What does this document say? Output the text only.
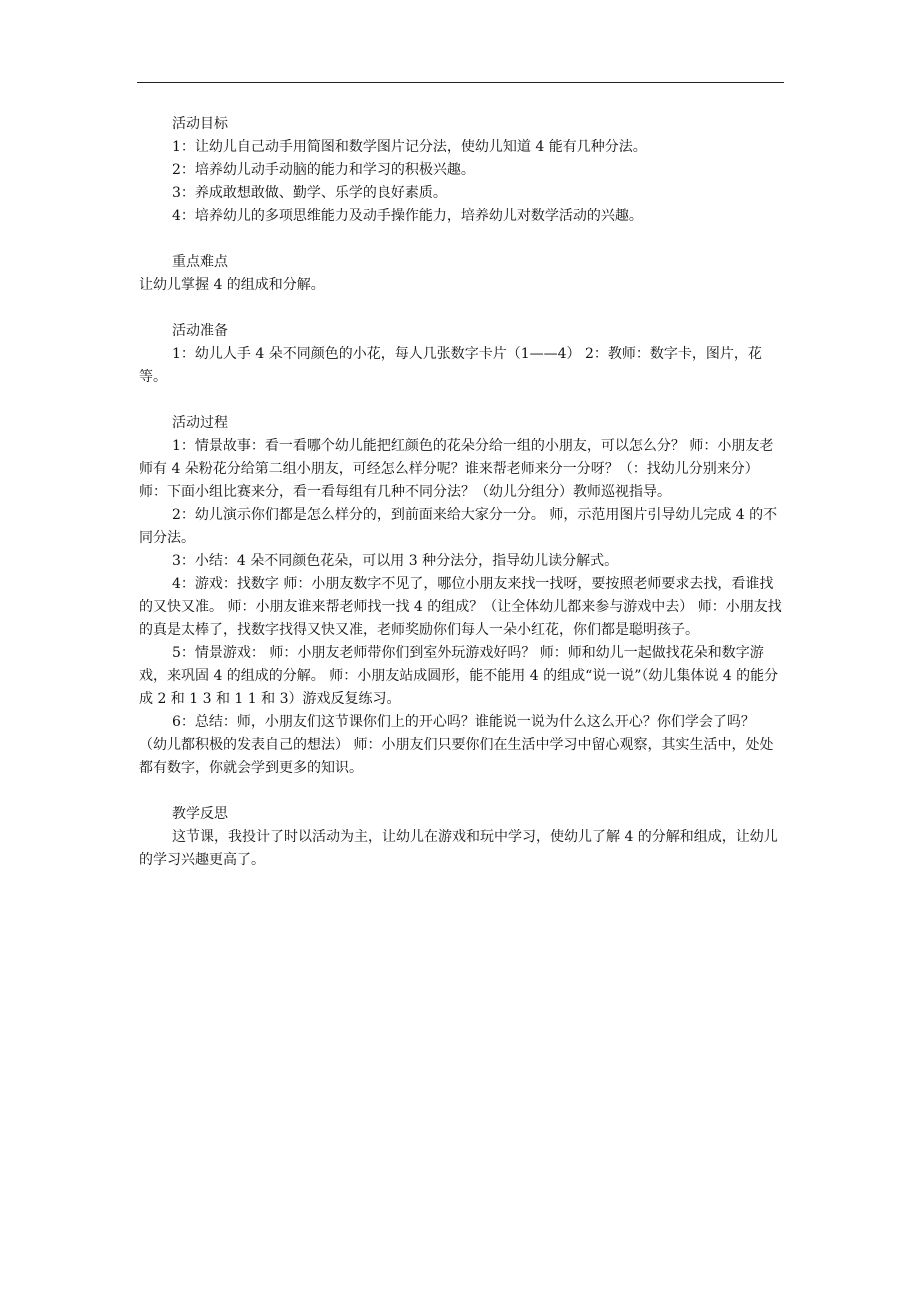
活动目标

1：让幼儿自己动手用简图和数学图片记分法，使幼儿知道 4 能有几种分法。

2：培养幼儿动手动脑的能力和学习的积极兴趣。

3：养成敢想敢做、勤学、乐学的良好素质。

4：培养幼儿的多项思维能力及动手操作能力，培养幼儿对数学活动的兴趣。

重点难点

让幼儿掌握 4 的组成和分解。

活动准备

1：幼儿人手 4 朵不同颜色的小花，每人几张数字卡片（1——4） 2：教师：数字卡，图片，花等。

活动过程

1：情景故事：看一看哪个幼儿能把红颜色的花朵分给一组的小朋友，可以怎么分？ 师：小朋友老师有 4 朵粉花分给第二组小朋友，可经怎么样分呢？谁来帮老师来分一分呀？（：找幼儿分别来分） 师：下面小组比赛来分，看一看每组有几种不同分法？（幼儿分组分）教师巡视指导。

2：幼儿演示你们都是怎么样分的，到前面来给大家分一分。 师，示范用图片引导幼儿完成 4 的不同分法。

3：小结：4 朵不同颜色花朵，可以用 3 种分法分，指导幼儿读分解式。

4：游戏：找数字 师：小朋友数字不见了，哪位小朋友来找一找呀，要按照老师要求去找，看谁找的又快又准。 师：小朋友谁来帮老师找一找 4 的组成？（让全体幼儿都来参与游戏中去） 师：小朋友找的真是太棒了，找数字找得又快又准，老师奖励你们每人一朵小红花，你们都是聪明孩子。

5：情景游戏： 师：小朋友老师带你们到室外玩游戏好吗？ 师：师和幼儿一起做找花朵和数字游戏，来巩固 4 的组成的分解。 师：小朋友站成圆形，能不能用 4 的组成“说一说”（幼儿集体说 4 的能分成 2 和 1 3 和 1 1 和 3）游戏反复练习。

6：总结：师，小朋友们这节课你们上的开心吗？谁能说一说为什么这么开心？你们学会了吗？（幼儿都积极的发表自己的想法） 师：小朋友们只要你们在生活中学习中留心观察，其实生活中，处处都有数字，你就会学到更多的知识。

教学反思

这节课，我投计了时以活动为主，让幼儿在游戏和玩中学习，使幼儿了解 4 的分解和组成，让幼儿的学习兴趣更高了。
